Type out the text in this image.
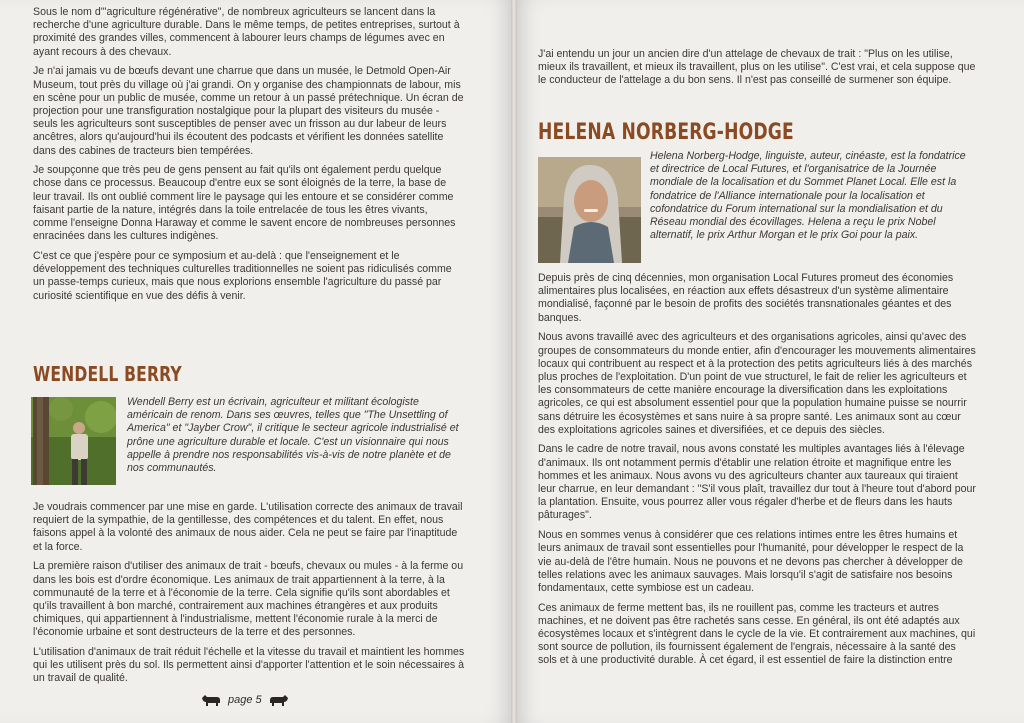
Sous le nom d'"agriculture régénérative", de nombreux agriculteurs se lancent dans la recherche d'une agriculture durable. Dans le même temps, de petites entreprises, surtout à proximité des grandes villes, commencent à labourer leurs champs de légumes avec en ayant recours à des chevaux.

Je n'ai jamais vu de bœufs devant une charrue que dans un musée, le Detmold Open-Air Museum, tout près du village où j'ai grandi. On y organise des championnats de labour, mis en scène pour un public de musée, comme un retour à un passé prétechnique. Un écran de projection pour une transfiguration nostalgique pour la plupart des visiteurs du musée - seuls les agriculteurs sont susceptibles de penser avec un frisson au dur labeur de leurs ancêtres, alors qu'aujourd'hui ils écoutent des podcasts et vérifient les données satellite dans des cabines de tracteurs bien tempérées.

Je soupçonne que très peu de gens pensent au fait qu'ils ont également perdu quelque chose dans ce processus. Beaucoup d'entre eux se sont éloignés de la terre, la base de leur travail. Ils ont oublié comment lire le paysage qui les entoure et se considérer comme faisant partie de la nature, intégrés dans la toile entrelacée de tous les êtres vivants, comme l'enseigne Donna Haraway et comme le savent encore de nombreuses personnes enracinées dans les cultures indigènes.

C'est ce que j'espère pour ce symposium et au-delà : que l'enseignement et le développement des techniques culturelles traditionnelles ne soient pas ridiculisés comme un passe-temps curieux, mais que nous explorions ensemble l'agriculture du passé par curiosité scientifique en vue des défis à venir.

WENDELL BERRY
Wendell Berry est un écrivain, agriculteur et militant écologiste américain de renom. Dans ses œuvres, telles que "The Unsettling of America" et "Jayber Crow", il critique le secteur agricole industrialisé et prône une agriculture durable et locale. C'est un visionnaire qui nous appelle à prendre nos responsabilités vis-à-vis de notre planète et de nos communautés.

Je voudrais commencer par une mise en garde. L'utilisation correcte des animaux de travail requiert de la sympathie, de la gentillesse, des compétences et du talent. En effet, nous faisons appel à la volonté des animaux de nous aider. Cela ne peut se faire par l'inaptitude et la force.

La première raison d'utiliser des animaux de trait - bœufs, chevaux ou mules - à la ferme ou dans les bois est d'ordre économique. Les animaux de trait appartiennent à la terre, à la communauté de la terre et à l'économie de la terre. Cela signifie qu'ils sont abordables et qu'ils travaillent à bon marché, contrairement aux machines étrangères et aux produits chimiques, qui appartiennent à l'industrialisme, mettent l'économie rurale à la merci de l'économie urbaine et sont destructeurs de la terre et des personnes.

L'utilisation d'animaux de trait réduit l'échelle et la vitesse du travail et maintient les hommes qui les utilisent près du sol. Ils permettent ainsi d'apporter l'attention et le soin nécessaires à un travail de qualité.

page 5
J'ai entendu un jour un ancien dire d'un attelage de chevaux de trait : "Plus on les utilise, mieux ils travaillent, et mieux ils travaillent, plus on les utilise". C'est vrai, et cela suppose que le conducteur de l'attelage a du bon sens. Il n'est pas conseillé de surmener son équipe.
HELENA NORBERG-HODGE
Helena Norberg-Hodge, linguiste, auteur, cinéaste, est la fondatrice et directrice de Local Futures, et l'organisatrice de la Journée mondiale de la localisation et du Sommet Planet Local. Elle est la fondatrice de l'Alliance internationale pour la localisation et cofondatrice du Forum international sur la mondialisation et du Réseau mondial des écovillages. Helena a reçu le prix Nobel alternatif, le prix Arthur Morgan et le prix Goi pour la paix.

Depuis près de cinq décennies, mon organisation Local Futures promeut des économies alimentaires plus localisées, en réaction aux effets désastreux d'un système alimentaire mondialisé, façonné par le besoin de profits des sociétés transnationales géantes et des banques.

Nous avons travaillé avec des agriculteurs et des organisations agricoles, ainsi qu'avec des groupes de consommateurs du monde entier, afin d'encourager les mouvements alimentaires locaux qui contribuent au respect et à la protection des petits agriculteurs liés à des marchés plus proches de l'exploitation. D'un point de vue structurel, le fait de relier les agriculteurs et les consommateurs de cette manière encourage la diversification dans les exploitations agricoles, ce qui est absolument essentiel pour que la population humaine puisse se nourrir sans détruire les écosystèmes et sans nuire à sa propre santé. Les animaux sont au cœur des exploitations agricoles saines et diversifiées, et ce depuis des siècles.

Dans le cadre de notre travail, nous avons constaté les multiples avantages liés à l'élevage d'animaux. Ils ont notamment permis d'établir une relation étroite et magnifique entre les hommes et les animaux. Nous avons vu des agriculteurs chanter aux taureaux qui tiraient leur charrue, en leur demandant : "S'il vous plaît, travaillez dur tout à l'heure tout d'abord pour la plantation. Ensuite, vous pourrez aller vous régaler d'herbe et de fleurs dans les hauts pâturages".

Nous en sommes venus à considérer que ces relations intimes entre les êtres humains et leurs animaux de travail sont essentielles pour l'humanité, pour développer le respect de la vie au-delà de l'être humain. Nous ne pouvons et ne devons pas chercher à développer de telles relations avec les animaux sauvages. Mais lorsqu'il s'agit de satisfaire nos besoins fondamentaux, cette symbiose est un cadeau.

Ces animaux de ferme mettent bas, ils ne rouillent pas, comme les tracteurs et autres machines, et ne doivent pas être rachetés sans cesse. En général, ils ont été adaptés aux écosystèmes locaux et s'intègrent dans le cycle de la vie. Et contrairement aux machines, qui sont source de pollution, ils fournissent également de l'engrais, nécessaire à la santé des sols et à une productivité durable. À cet égard, il est essentiel de faire la distinction entre
